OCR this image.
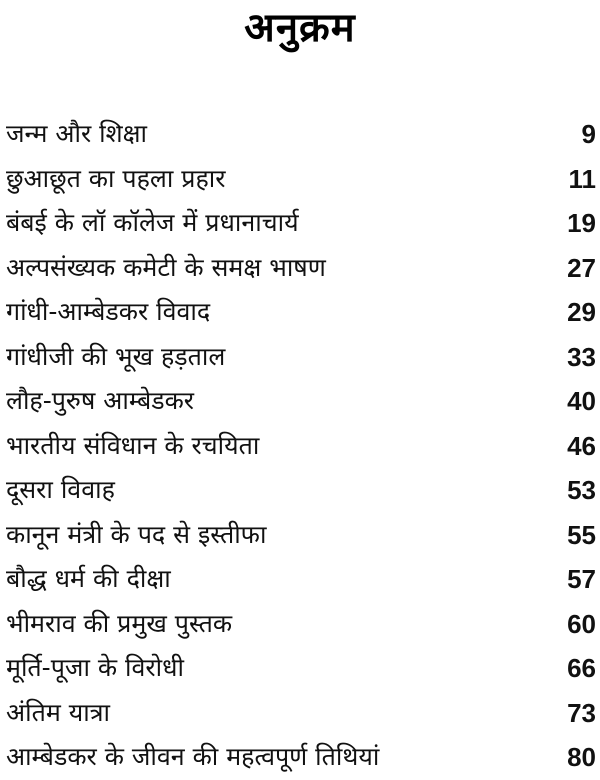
अनुक्रम
जन्म और शिक्षा	9
छुआछूत का पहला प्रहार	11
बंबई के लॉ कॉलेज में प्रधानाचार्य	19
अल्पसंख्यक कमेटी के समक्ष भाषण	27
गांधी-आम्बेडकर विवाद	29
गांधीजी की भूख हड़ताल	33
लौह-पुरुष आम्बेडकर	40
भारतीय संविधान के रचयिता	46
दूसरा विवाह	53
कानून मंत्री के पद से इस्तीफा	55
बौद्ध धर्म की दीक्षा	57
भीमराव की प्रमुख पुस्तक	60
मूर्ति-पूजा के विरोधी	66
अंतिम यात्रा	73
आम्बेडकर के जीवन की महत्वपूर्ण तिथियां	80
